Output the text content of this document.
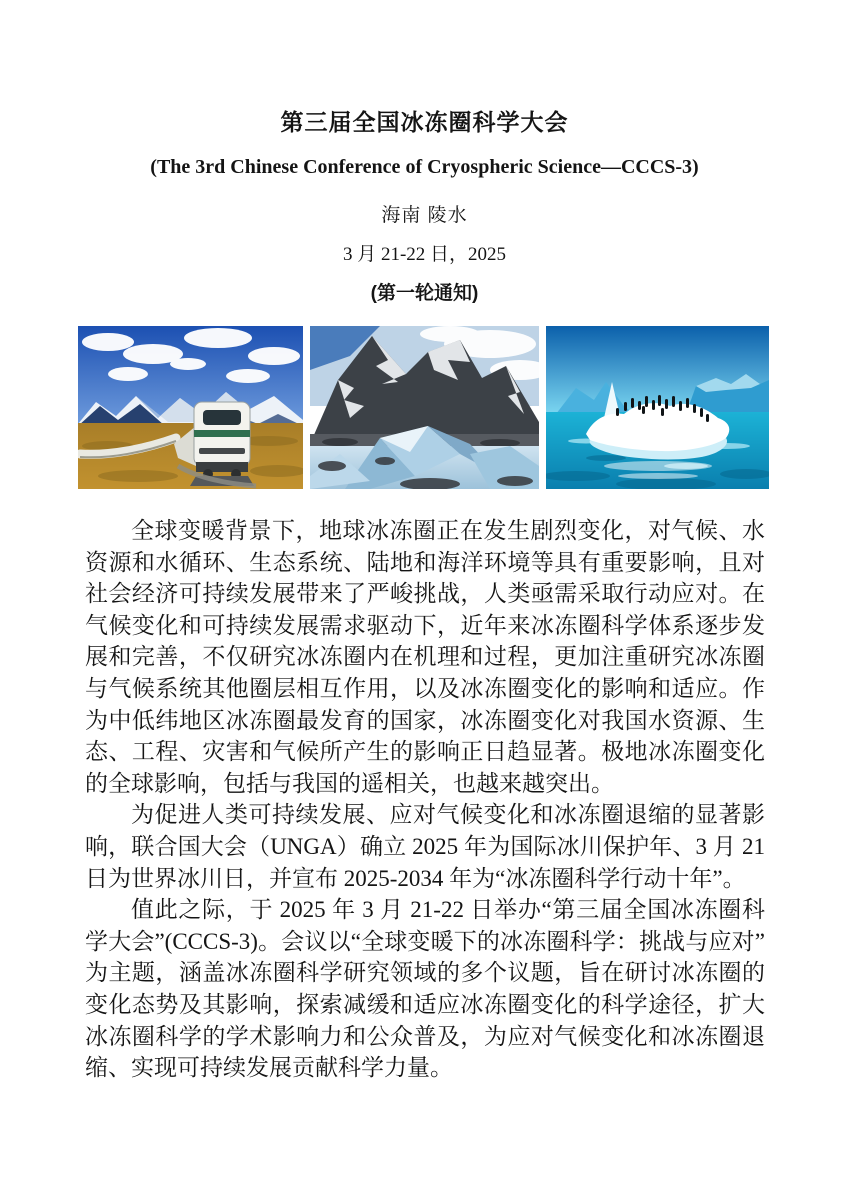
第三届全国冰冻圈科学大会
(The 3rd Chinese Conference of Cryospheric Science—CCCS-3)
海南 陵水
3 月 21-22 日，2025
(第一轮通知)

全球变暖背景下，地球冰冻圈正在发生剧烈变化，对气候、水资源和水循环、生态系统、陆地和海洋环境等具有重要影响，且对社会经济可持续发展带来了严峻挑战，人类亟需采取行动应对。在气候变化和可持续发展需求驱动下，近年来冰冻圈科学体系逐步发展和完善，不仅研究冰冻圈内在机理和过程，更加注重研究冰冻圈与气候系统其他圈层相互作用，以及冰冻圈变化的影响和适应。作为中低纬地区冰冻圈最发育的国家，冰冻圈变化对我国水资源、生态、工程、灾害和气候所产生的影响正日趋显著。极地冰冻圈变化的全球影响，包括与我国的遥相关，也越来越突出。

为促进人类可持续发展、应对气候变化和冰冻圈退缩的显著影响，联合国大会（UNGA）确立 2025 年为国际冰川保护年、3 月 21 日为世界冰川日，并宣布 2025-2034 年为“冰冻圈科学行动十年”。

值此之际，于 2025 年 3 月 21-22 日举办“第三届全国冰冻圈科学大会”(CCCS-3)。会议以“全球变暖下的冰冻圈科学：挑战与应对”为主题，涵盖冰冻圈科学研究领域的多个议题，旨在研讨冰冻圈的变化态势及其影响，探索减缓和适应冰冻圈变化的科学途径，扩大冰冻圈科学的学术影响力和公众普及，为应对气候变化和冰冻圈退缩、实现可持续发展贡献科学力量。
